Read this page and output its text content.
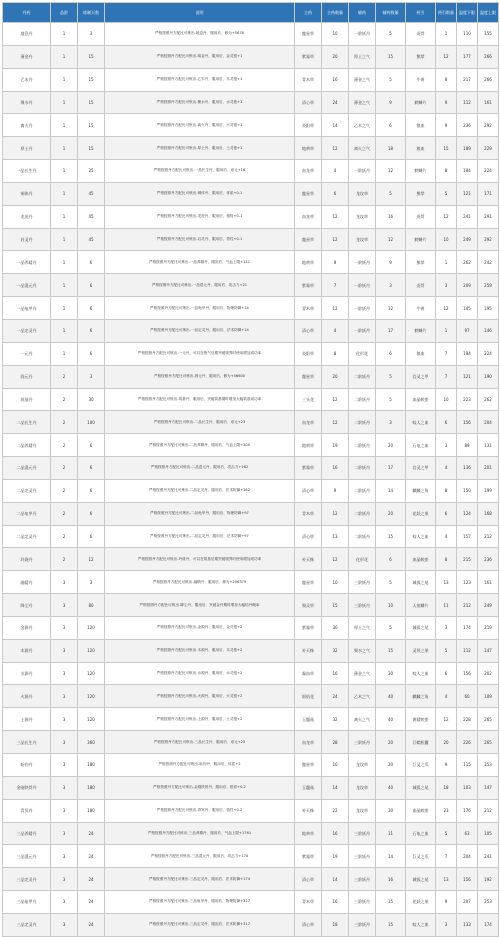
丹药	品阶	炼制天数	说明	主药	主药数量	辅药	辅药数量	药引	药引数量	温度下限	温度上限
地息丹	1	3	严格按照丹方配比可炼出-地息丹、服用后、修为+5676	龍星草	10	一阶妖丹	5	虎骨	1	110	155
薄金丹	1	15	严格按照丹方配比可炼出-薄金丹、服用后、金灵根+1	紫霜草	20	厚土之气	15	熊掌	12	177	266
乙木丹	1	15	严格按照丹方配比可炼出-乙木丹、服用后、木灵根+1	青木草	16	薄金之气	5	牛黄	8	217	266
聚水丹	1	15	严格按照丹方配比可炼出-聚水丹、服用后、水灵根+1	清心草	24	薄金之气	9	鳄鳞片	9	112	161
离火丹	1	15	严格按照丹方配比可炼出-离火丹、服用后、火灵根+1	炎阳草	14	乙木之气	6	狼血	9	236	292
厚土丹	1	15	严格按照丹方配比可炼出-厚土丹、服用后、土灵根+1	地黄草	12	离火之气	18	狼血	15	189	229
一品长生丹	1	25	严格按照丹方配比可炼出-一品长生丹、服用后、寿元+16	血龙草	4	一阶妖丹	12	鳄鳞片	8	184	224
铜体丹	1	45	严格按照丹方配比可炼出-铜体丹、服用后、体质+0.1	龍星草	6	龙纹草	5	熊掌	5	121	171
龙虎丹	1	45	严格按照丹方配比可炼出-龙虎丹、服用后、根骨+0.1	血龙草	12	龙纹草	16	虎骨	12	241	291
启灵丹	1	45	严格按照丹方配比可炼出-启灵丹、服用后、悟性+0.1	龍星草	12	龙纹草	12	鳄鳞片	10	249	292
一品养精丹	1	6	严格按照丹方配比可炼出-一品养精丹、服用后、气血上限+111	地黄草	9	一阶妖丹	9	熊掌	1	262	242
一品混元丹	1	6	严格按照丹方配比可炼出-一品混元丹、服用后、攻击力+21	紫霜草	7	一阶妖丹	3	虎骨	3	209	259
一品龟甲丹	1	6	严格按照丹方配比可炼出-一品龟甲丹、服用后、物理防御+14	青木草	12	一阶妖丹	12	牛黄	12	145	195
一品定灵丹	1	6	严格按照丹方配比可炼出-一品定灵丹、服用后、法术防御+14	清心草	4	一阶妖丹	17	鳄鳞片	1	97	146
一元丹	1	6	严格按照丹方配比可炼出-一元丹，可以在炼气后期突破境界时使用增加成功率	炎阳草	8	化形花	6	狼血	7	184	224
固元丹	2	3	严格按照丹方配比可炼出-固元丹、服用后、修为+56600	龍星草	20	二阶妖丹	5	岩灵之甲	7	121	190
筑基丹	2	30	严格按照丹方配比可炼出-筑基丹、服用后、突破筑基期时增加大幅筑基成功率	三头花	12	二阶妖丹	5	血晶鲛蛮	10	223	262
二品长生丹	2	100	严格按照丹方配比可炼出-二品长生丹、服用后、寿元+23	血龙草	12	二阶妖丹	3	蛟人之血	6	156	204
二品养精丹	2	6	严格按照丹方配比可炼出-二品养精丹、服用后、气血上限+300	地黄草	19	二阶妖丹	20	石龟之血	3	89	131
二品混元丹	2	6	严格按照丹方配比可炼出-二品混元丹、服用后、攻击力+162	紫霜草	16	二阶妖丹	17	岩灵之甲	4	136	201
二品定灵丹	2	6	严格按照丹方配比可炼出-二品定灵丹、服用后、法术防御+162	清心草	9	二阶妖丹	14	麒麟之角	8	150	199
二品龟甲丹	2	6	严格按照丹方配比可炼出-二品龟甲丹、服用后、物理防御+97	青木草	12	二阶妖丹	20	花妖之果	6	124	168
二品定灵丹	2	6	严格按照丹方配比可炼出-二品定灵丹、服用后、法术防御+97	清心草	13	二阶妖丹	15	蛟人之血	4	157	212
玲珑丹	2	12	严格按照丹方配比可炼出-玲珑丹，可以在筑基后期突破境界时使用增加成功率	补天株	12	化形花	6	血晶鲛蛮	8	215	236
融精丹	3	3	严格按照丹方配比可炼出-融精丹、服用后、修为+206379	龍星草	10	三阶妖丹	5	城狐之尾	13	123	161
降尘丹	3	80	严格按照丹方配比可炼出-降尘丹、服用后、突破金丹期时增加大幅结丹概率	聚灵草	15	三阶妖丹	10	人鱼鳞片	11	212	249
金源丹	3	120	严格按照丹方配比可炼出-金源丹、服用后、金灵根+2	紫霜草	30	厚土之气	5	城狐之尾	3	174	219
木源丹	3	120	严格按照丹方配比可炼出-木源丹、服用后、木灵根+2	补天株	32	聚水之气	15	灵须之果	5	112	147
水源丹	3	120	严格按照丹方配比可炼出-水源丹、服用后、水灵根+2	凝血草	16	薄金之气	30	蛟人之血	6	156	202
火源丹	3	120	严格按照丹方配比可炼出-火源丹、服用后、火灵根+2	银焰花	24	乙木之气	40	麒麟之角	4	60	109
土源丹	3	120	严格按照丹方配比可炼出-土源丹、服用后、土灵根+2	玉髓菇	32	离火之气	40	黄精鲛蛮	12	228	265
三品长生丹	3	360	严格按照丹方配比可炼出-三品长生丹、服用后、寿元+25	血龙草	28	三阶妖丹	20	巨蟒胆囊	20	226	265
斩钧丹	3	180	严格按照丹方配比可炼出-斩钧丹、服用后、体质+2	龍星草	16	龙纹草	20	巨灵之爪	9	115	153
金刚铁骨丹	3	180	严格按照丹方配比可炼出-金刚铁骨丹、服用后、根骨+0.2	玉髓菇	14	龙纹草	40	城狐之尾	18	103	147
青冥丹	3	180	严格按照丹方配比可炼出-青冥丹、服用后、悟性+0.2	补天株	22	龙纹草	30	血晶鲛蛮	23	176	212
三品养精丹	3	24	严格按照丹方配比可炼出-三品养精丹、服用后、气血上限+1761	地黄草	16	三阶妖丹	11	石龟之血	5	63	105
三品混元丹	3	24	严格按照丹方配比可炼出-三品混元丹、服用后、攻击力+174	紫霜草	19	三阶妖丹	14	巨灵之爪	7	204	241
三品定灵丹	3	24	严格按照丹方配比可炼出-三品定灵丹、服用后、法术防御+174	清心草	14	三阶妖丹	16	城狐之尾	13	156	192
三品龟甲丹	3	24	严格按照丹方配比可炼出-三品龟甲丹、服用后、物理防御+317	青木草	16	三阶妖丹	15	花妖之果	9	207	253
三品定灵丹	3	24	严格按照丹方配比可炼出-三品定灵丹、服用后、法术防御+317	清心草	18	三阶妖丹	15	蛟人之血	3	133	174
